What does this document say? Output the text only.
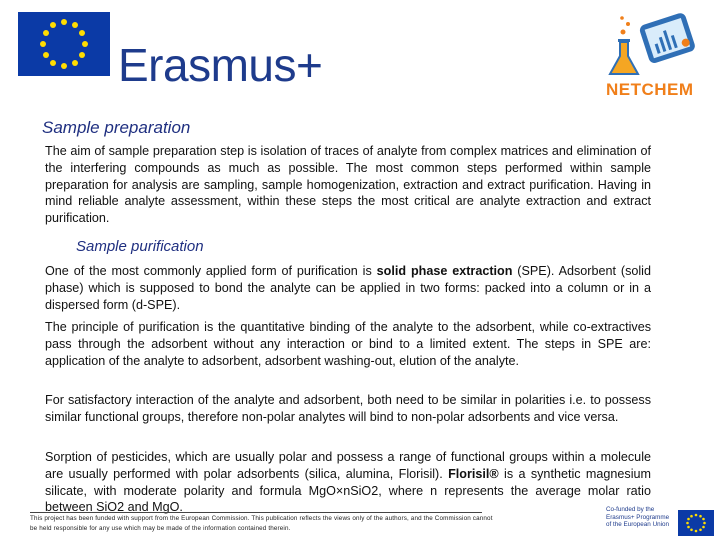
Erasmus+	NETCHEM
Sample preparation
The aim of sample preparation step is isolation of traces of analyte from complex matrices and elimination of the interfering compounds as much as possible. The most common steps performed within sample preparation for analysis are sampling, sample homogenization, extraction and extract purification. Having in mind reliable analyte assessment, within these steps the most critical are analyte extraction and extract purification.
Sample purification
One of the most commonly applied form of purification is solid phase extraction (SPE). Adsorbent (solid phase) which is supposed to bond the analyte can be applied in two forms: packed into a column or in a dispersed form (d-SPE).
The principle of purification is the quantitative binding of the analyte to the adsorbent, while co-extractives pass through the adsorbent without any interaction or bind to a limited extent. The steps in SPE are: application of the analyte to adsorbent, adsorbent washing-out, elution of the analyte.
For satisfactory interaction of the analyte and adsorbent, both need to be similar in polarities i.e. to possess similar functional groups, therefore non-polar analytes will bind to non-polar adsorbents and vice versa.
Sorption of pesticides, which are usually polar and possess a range of functional groups within a molecule are usually performed with polar adsorbents (silica, alumina, Florisil). Florisil® is a synthetic magnesium silicate, with moderate polarity and formula MgO×nSiO2, where n represents the average molar ratio between SiO2 and MgO.
This project has been funded with support from the European Commission. This publication reflects the views only of the authors, and the Commission cannot be held responsible for any use which may be made of the information contained therein.
Co-funded by the Erasmus+ Programme of the European Union
